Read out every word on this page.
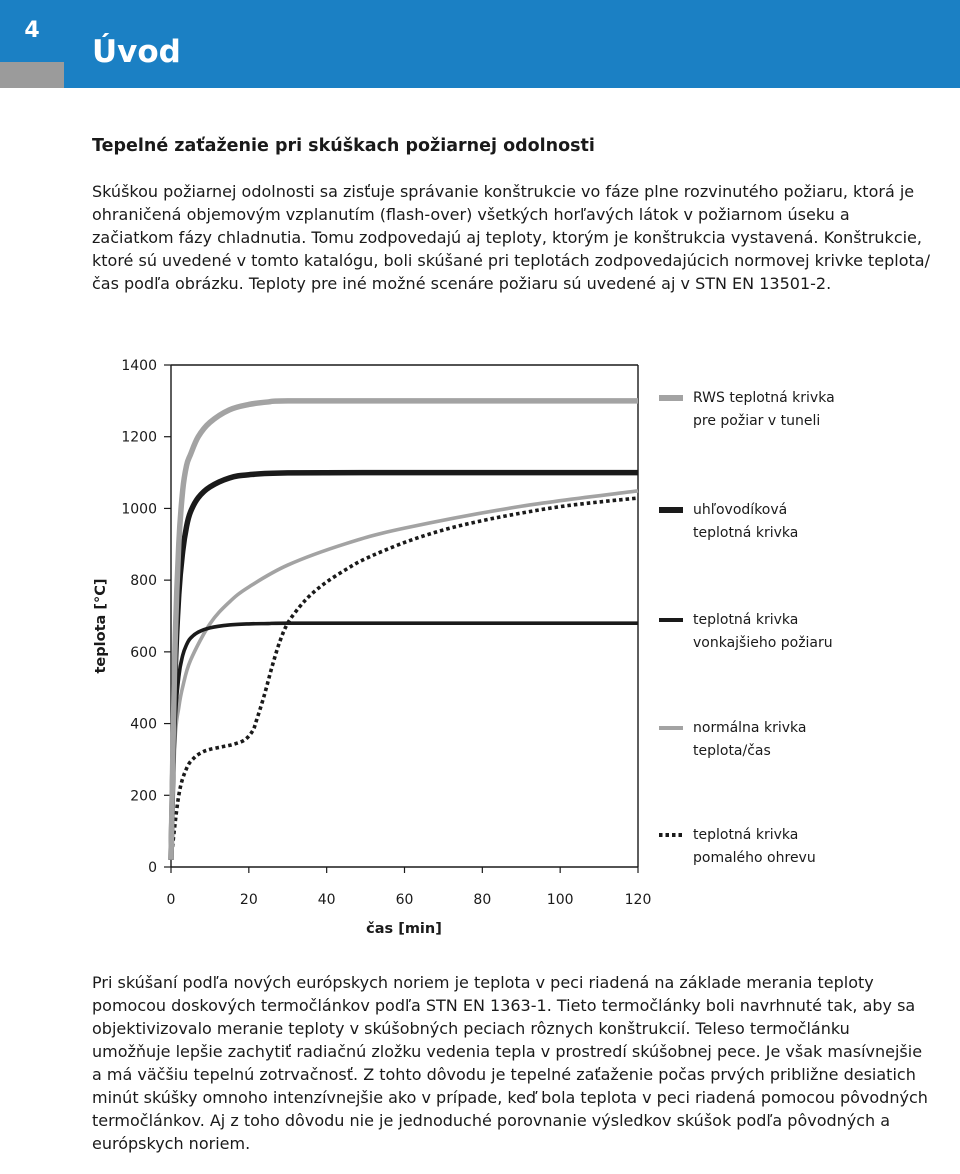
4
Úvod
Tepelné zaťaženie pri skúškach požiarnej odolnosti

Skúškou požiarnej odolnosti sa zisťuje správanie konštrukcie vo fáze plne rozvinutého požiaru, ktorá je ohraničená objemovým vzplanutím (flash-over) všetkých horľavých látok v požiarnom úseku a začiatkom fázy chladnutia. Tomu zodpovedajú aj teploty, ktorým je konštrukcia vystavená. Konštrukcie, ktoré sú uvedené v tomto katalógu, boli skúšané pri teplotách zodpovedajúcich normovej krivke teplota/čas podľa obrázku. Teploty pre iné možné scenáre požiaru sú uvedené aj v STN EN 13501-2.

0
200
400
600
800
1000
1200
1400
0	20	40	60	80	100	120
čas [min]
teplota [°C]
RWS teplotná krivka
pre požiar v tuneli
uhľovodíková
teplotná krivka
teplotná krivka
vonkajšieho požiaru
normálna krivka
teplota/čas
teplotná krivka
pomalého ohrevu

Pri skúšaní podľa nových európskych noriem je teplota v peci riadená na základe merania teploty pomocou doskových termočlánkov podľa STN EN 1363-1. Tieto termočlánky boli navrhnuté tak, aby sa objektivizovalo meranie teploty v skúšobných peciach rôznych konštrukcií. Teleso termočlánku umožňuje lepšie zachytiť radiačnú zložku vedenia tepla v prostredí skúšobnej pece. Je však masívnejšie a má väčšiu tepelnú zotrvačnosť. Z tohto dôvodu je tepelné zaťaženie počas prvých približne desiatich minút skúšky omnoho intenzívnejšie ako v prípade, keď bola teplota v peci riadená pomocou pôvodných termočlánkov. Aj z toho dôvodu nie je jednoduché porovnanie výsledkov skúšok podľa pôvodných a európskych noriem.
